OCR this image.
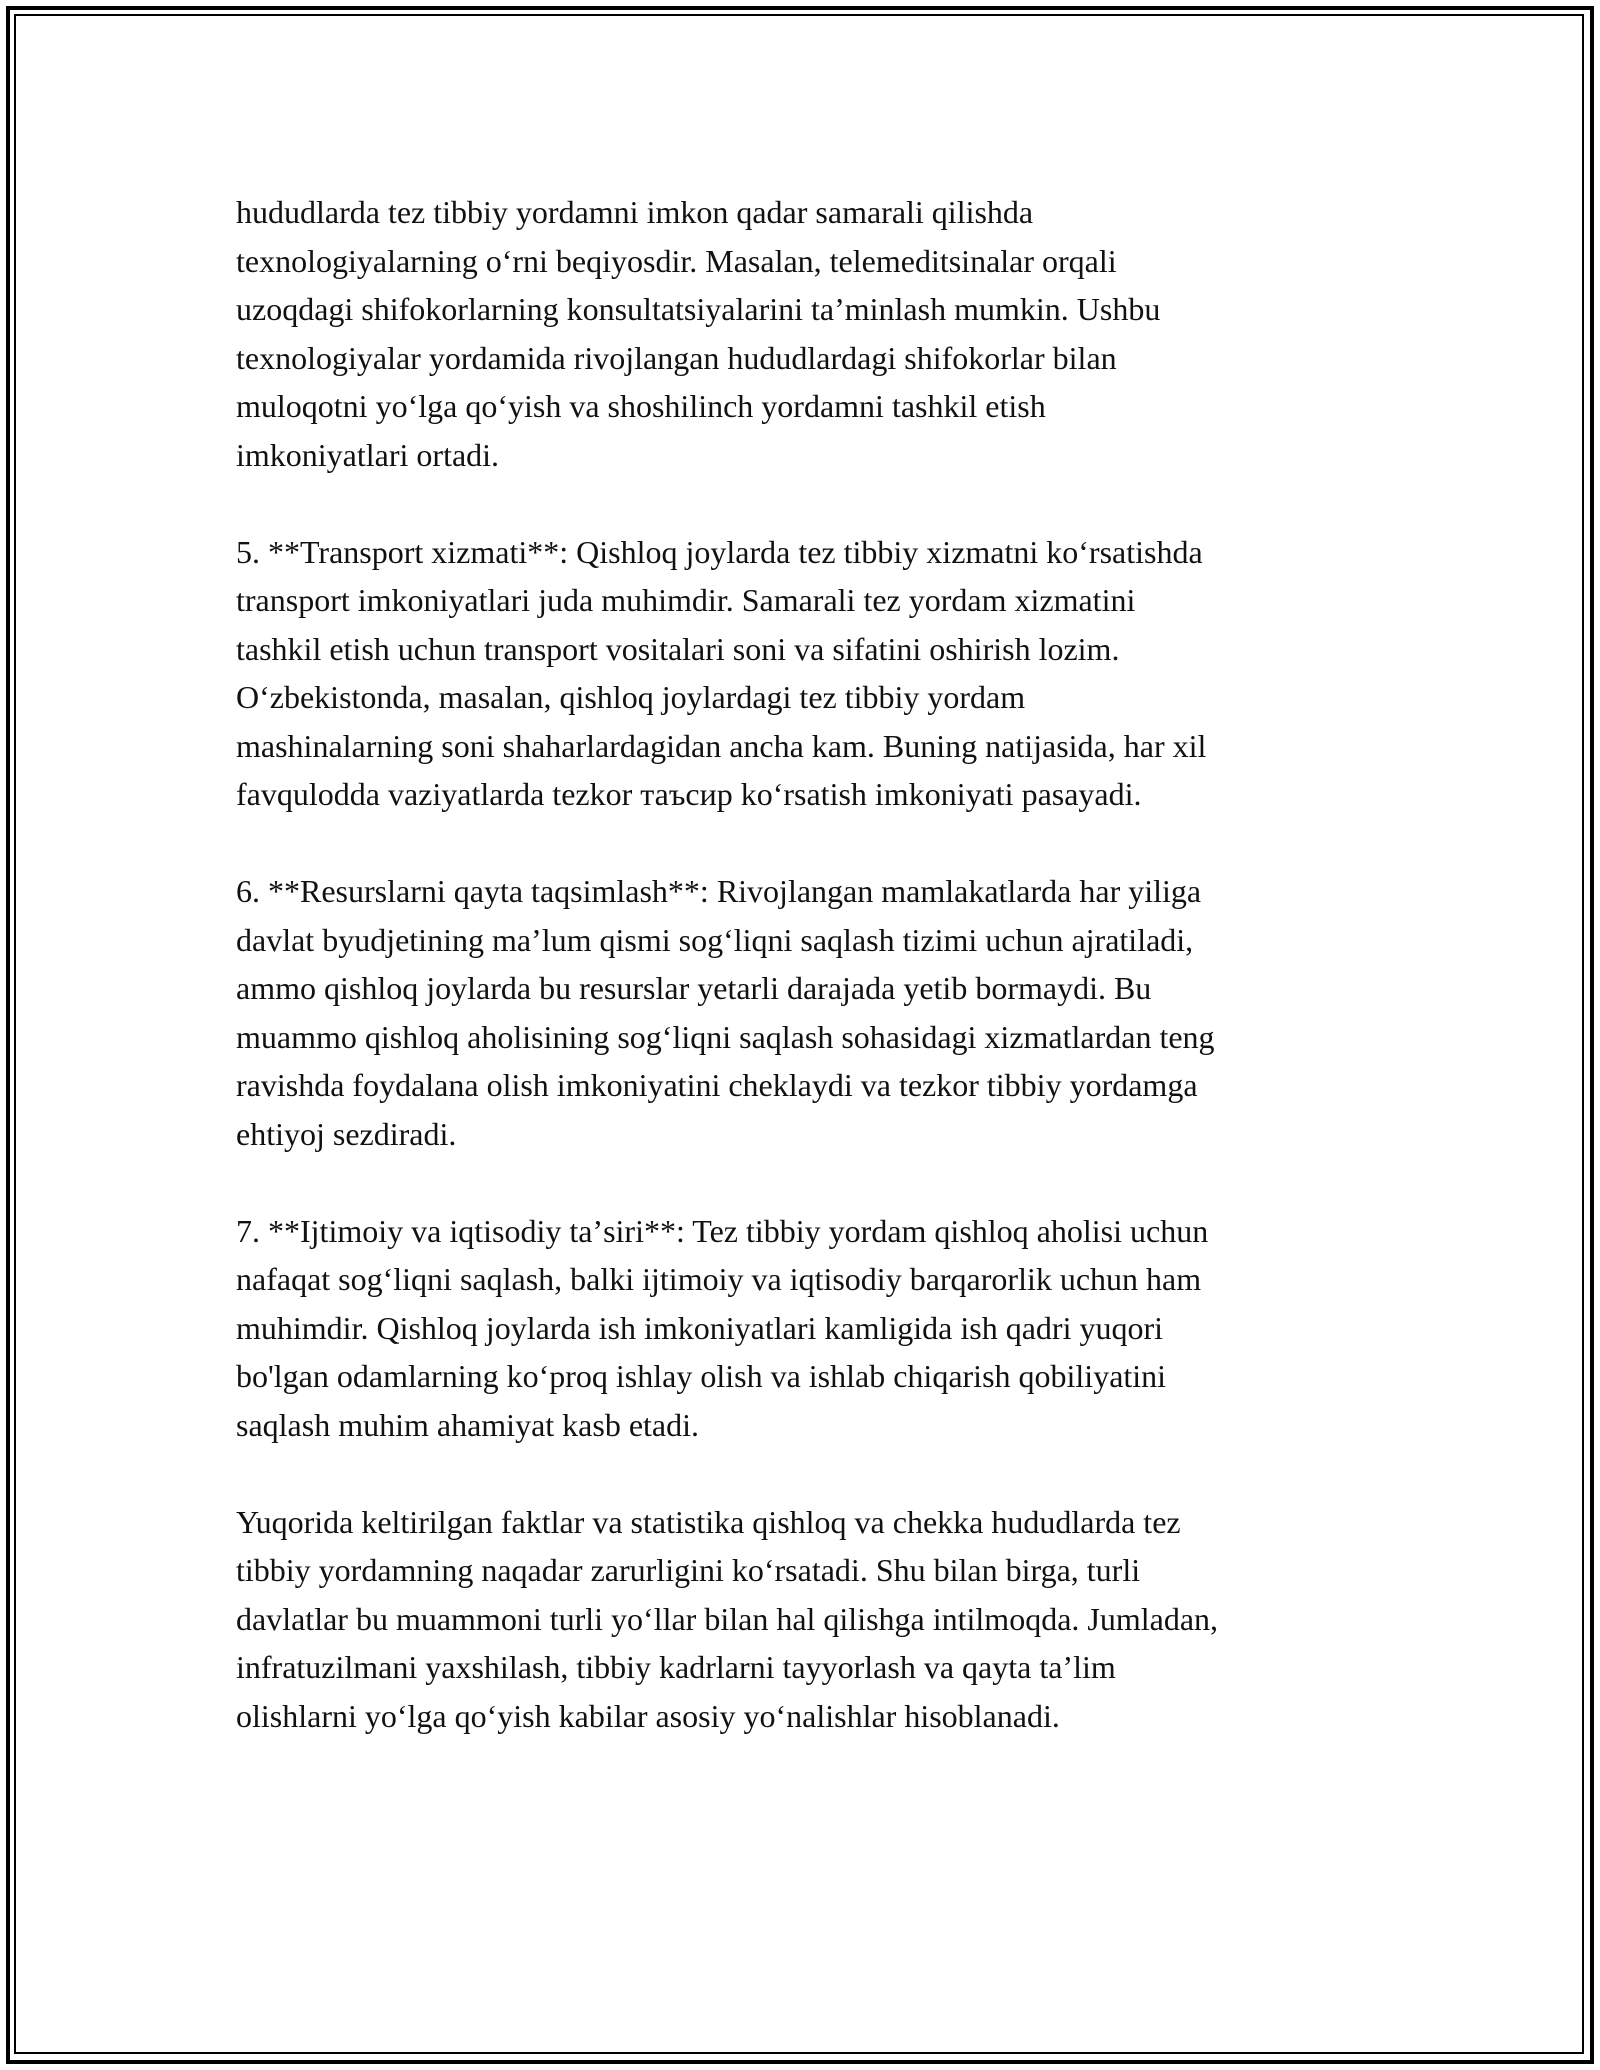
hududlarda tez tibbiy yordamni imkon qadar samarali qilishda
texnologiyalarning oʻrni beqiyosdir. Masalan, telemeditsinalar orqali
uzoqdagi shifokorlarning konsultatsiyalarini taʼminlash mumkin. Ushbu
texnologiyalar yordamida rivojlangan hududlardagi shifokorlar bilan
muloqotni yoʻlga qoʻyish va shoshilinch yordamni tashkil etish
imkoniyatlari ortadi.

5. **Transport xizmati**: Qishloq joylarda tez tibbiy xizmatni koʻrsatishda
transport imkoniyatlari juda muhimdir. Samarali tez yordam xizmatini
tashkil etish uchun transport vositalari soni va sifatini oshirish lozim.
Oʻzbekistonda, masalan, qishloq joylardagi tez tibbiy yordam
mashinalarning soni shaharlardagidan ancha kam. Buning natijasida, har xil
favqulodda vaziyatlarda tezkor таъсир koʻrsatish imkoniyati pasayadi.

6. **Resurslarni qayta taqsimlash**: Rivojlangan mamlakatlarda har yiliga
davlat byudjetining maʼlum qismi sogʻliqni saqlash tizimi uchun ajratiladi,
ammo qishloq joylarda bu resurslar yetarli darajada yetib bormaydi. Bu
muammo qishloq aholisining sogʻliqni saqlash sohasidagi xizmatlardan teng
ravishda foydalana olish imkoniyatini cheklaydi va tezkor tibbiy yordamga
ehtiyoj sezdiradi.

7. **Ijtimoiy va iqtisodiy taʼsiri**: Tez tibbiy yordam qishloq aholisi uchun
nafaqat sogʻliqni saqlash, balki ijtimoiy va iqtisodiy barqarorlik uchun ham
muhimdir. Qishloq joylarda ish imkoniyatlari kamligida ish qadri yuqori
bo'lgan odamlarning koʻproq ishlay olish va ishlab chiqarish qobiliyatini
saqlash muhim ahamiyat kasb etadi.

Yuqorida keltirilgan faktlar va statistika qishloq va chekka hududlarda tez
tibbiy yordamning naqadar zarurligini koʻrsatadi. Shu bilan birga, turli
davlatlar bu muammoni turli yoʻllar bilan hal qilishga intilmoqda. Jumladan,
infratuzilmani yaxshilash, tibbiy kadrlarni tayyorlash va qayta taʼlim
olishlarni yoʻlga qoʻyish kabilar asosiy yoʻnalishlar hisoblanadi.
